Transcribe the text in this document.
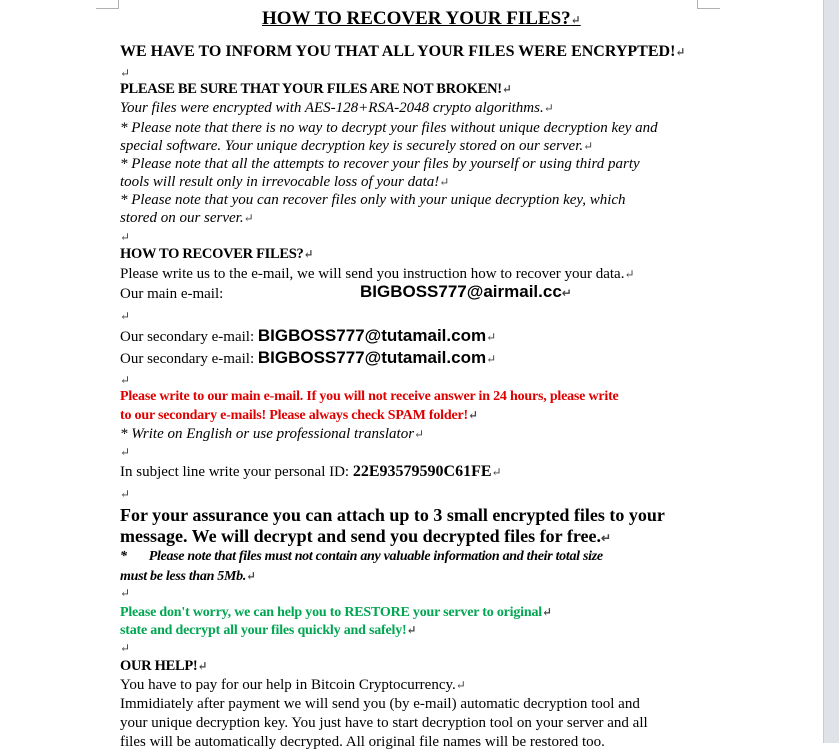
HOW TO RECOVER YOUR FILES?↵
WE HAVE TO INFORM YOU THAT ALL YOUR FILES WERE ENCRYPTED!↵
↵
PLEASE BE SURE THAT YOUR FILES ARE NOT BROKEN!↵
Your files were encrypted with AES-128+RSA-2048 crypto algorithms.↵
* Please note that there is no way to decrypt your files without unique decryption key and
special software. Your unique decryption key is securely stored on our server.↵
* Please note that all the attempts to recover your files by yourself or using third party
tools will result only in irrevocable loss of your data!↵
* Please note that you can recover files only with your unique decryption key, which
stored on our server.↵
↵
HOW TO RECOVER FILES?↵
Please write us to the e-mail, we will send you instruction how to recover your data.↵
Our main e-mail:	BIGBOSS777@airmail.cc↵
↵
Our secondary e-mail: BIGBOSS777@tutamail.com↵
Our secondary e-mail: BIGBOSS777@tutamail.com↵
↵
Please write to our main e-mail. If you will not receive answer in 24 hours, please write
to our secondary e-mails! Please always check SPAM folder!↵
* Write on English or use professional translator↵
↵
In subject line write your personal ID: 22E93579590C61FE↵
↵
For your assurance you can attach up to 3 small encrypted files to your
message. We will decrypt and send you decrypted files for free.↵
* Please note that files must not contain any valuable information and their total size
must be less than 5Mb.↵
↵
Please don't worry, we can help you to RESTORE your server to original↵
state and decrypt all your files quickly and safely!↵
↵
OUR HELP!↵
You have to pay for our help in Bitcoin Cryptocurrency.↵
Immidiately after payment we will send you (by e-mail) automatic decryption tool and
your unique decryption key. You just have to start decryption tool on your server and all
files will be automatically decrypted. All original file names will be restored too.
